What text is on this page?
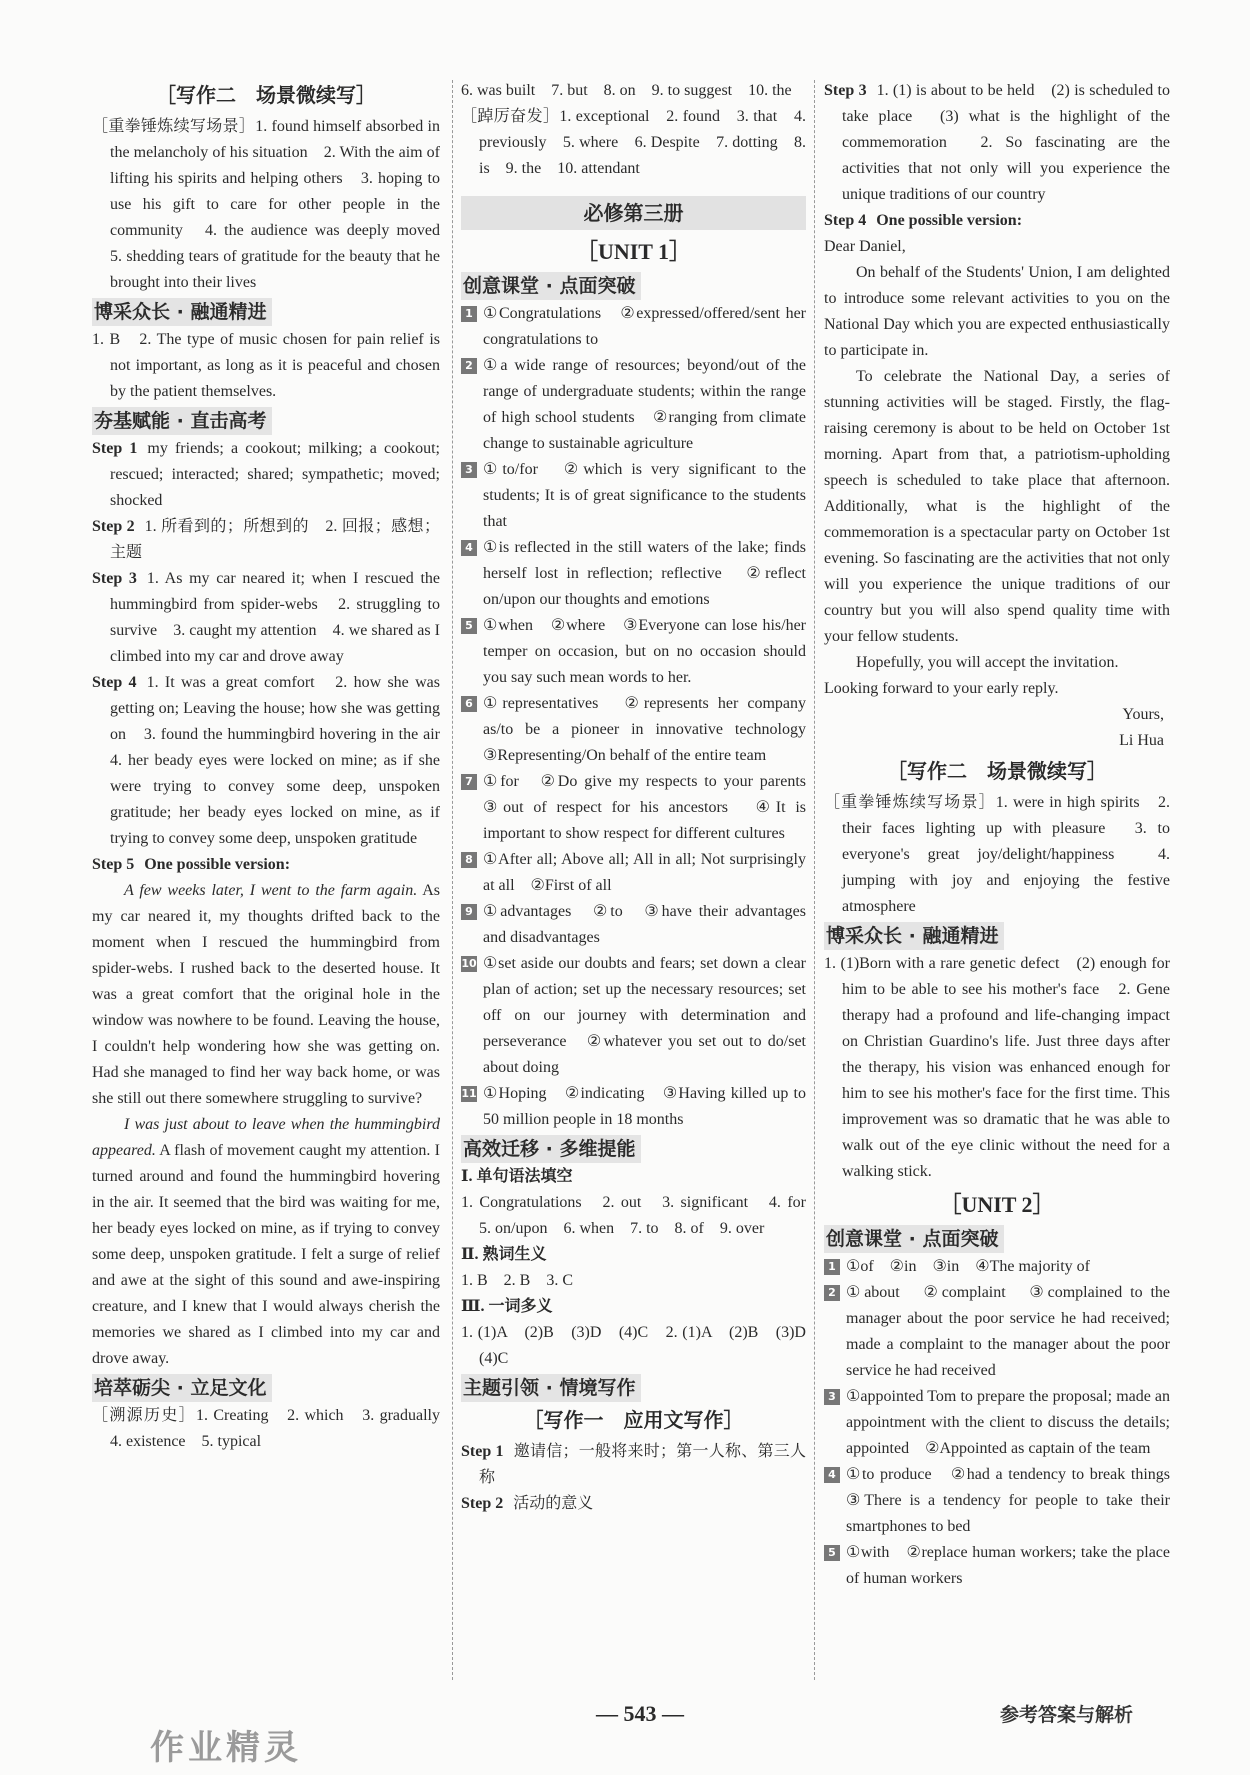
［写作二　场景微续写］
［重拳锤炼续写场景］1. found himself absorbed in the melancholy of his situation　2. With the aim of lifting his spirits and helping others　3. hoping to use his gift to care for other people in the community　4. the audience was deeply moved　5. shedding tears of gratitude for the beauty that he brought into their lives
博采众长 · 融通精进
1. B　2. The type of music chosen for pain relief is not important, as long as it is peaceful and chosen by the patient themselves.
夯基赋能 · 直击高考
Step 1 my friends; a cookout; milking; a cookout; rescued; interacted; shared; sympathetic; moved; shocked
Step 2 1. 所看到的；所想到的　2. 回报；感想；主题
Step 3 1. As my car neared it; when I rescued the hummingbird from spider-webs　2. struggling to survive　3. caught my attention　4. we shared as I climbed into my car and drove away
Step 4 1. It was a great comfort　2. how she was getting on; Leaving the house; how she was getting on　3. found the hummingbird hovering in the air　4. her beady eyes were locked on mine; as if she were trying to convey some deep, unspoken gratitude; her beady eyes locked on mine, as if trying to convey some deep, unspoken gratitude
Step 5 One possible version:
A few weeks later, I went to the farm again. As my car neared it, my thoughts drifted back to the moment when I rescued the hummingbird from spider-webs. I rushed back to the deserted house. It was a great comfort that the original hole in the window was nowhere to be found. Leaving the house, I couldn't help wondering how she was getting on. Had she managed to find her way back home, or was she still out there somewhere struggling to survive?
I was just about to leave when the hummingbird appeared. A flash of movement caught my attention. I turned around and found the hummingbird hovering in the air. It seemed that the bird was waiting for me, her beady eyes locked on mine, as if trying to convey some deep, unspoken gratitude. I felt a surge of relief and awe at the sight of this sound and awe-inspiring creature, and I knew that I would always cherish the memories we shared as I climbed into my car and drove away.
培萃砺尖 · 立足文化
［溯源历史］1. Creating　2. which　3. gradually　4. existence　5. typical
6. was built　7. but　8. on　9. to suggest　10. the
［踔厉奋发］1. exceptional　2. found　3. that　4. previously　5. where　6. Despite　7. dotting　8. is　9. the　10. attendant
必修第三册
［UNIT 1］
创意课堂 · 点面突破
1 ①Congratulations　②expressed/offered/sent her congratulations to
2 ①a wide range of resources; beyond/out of the range of undergraduate students; within the range of high school students　②ranging from climate change to sustainable agriculture
3 ①to/for　②which is very significant to the students; It is of great significance to the students that
4 ①is reflected in the still waters of the lake; finds herself lost in reflection; reflective　②reflect on/upon our thoughts and emotions
5 ①when　②where　③Everyone can lose his/her temper on occasion, but on no occasion should you say such mean words to her.
6 ①representatives　②represents her company as/to be a pioneer in innovative technology　③Representing/On behalf of the entire team
7 ①for　②Do give my respects to your parents　③out of respect for his ancestors　④It is important to show respect for different cultures
8 ①After all; Above all; All in all; Not surprisingly at all　②First of all
9 ①advantages　②to　③have their advantages and disadvantages
10 ①set aside our doubts and fears; set down a clear plan of action; set up the necessary resources; set off on our journey with determination and perseverance　②whatever you set out to do/set about doing
11 ①Hoping　②indicating　③Having killed up to 50 million people in 18 months
高效迁移 · 多维提能
Ⅰ. 单句语法填空
1. Congratulations　2. out　3. significant　4. for　5. on/upon　6. when　7. to　8. of　9. over
Ⅱ. 熟词生义
1. B　2. B　3. C
Ⅲ. 一词多义
1. (1)A　(2)B　(3)D　(4)C　2. (1)A　(2)B　(3)D　(4)C
主题引领 · 情境写作
［写作一　应用文写作］
Step 1 邀请信；一般将来时；第一人称、第三人称
Step 2 活动的意义
Step 3 1. (1) is about to be held　(2) is scheduled to take place　(3) what is the highlight of the commemoration　2. So fascinating are the activities that not only will you experience the unique traditions of our country
Step 4 One possible version:
Dear Daniel,
On behalf of the Students' Union, I am delighted to introduce some relevant activities to you on the National Day which you are expected enthusiastically to participate in.
To celebrate the National Day, a series of stunning activities will be staged. Firstly, the flag-raising ceremony is about to be held on October 1st morning. Apart from that, a patriotism-upholding speech is scheduled to take place that afternoon. Additionally, what is the highlight of the commemoration is a spectacular party on October 1st evening. So fascinating are the activities that not only will you experience the unique traditions of our country but you will also spend quality time with your fellow students.
Hopefully, you will accept the invitation.
Looking forward to your early reply.
Yours,
Li Hua
［写作二　场景微续写］
［重拳锤炼续写场景］1. were in high spirits　2. their faces lighting up with pleasure　3. to everyone's great joy/delight/happiness　4. jumping with joy and enjoying the festive atmosphere
博采众长 · 融通精进
1. (1)Born with a rare genetic defect　(2) enough for him to be able to see his mother's face　2. Gene therapy had a profound and life-changing impact on Christian Guardino's life. Just three days after the therapy, his vision was enhanced enough for him to see his mother's face for the first time. This improvement was so dramatic that he was able to walk out of the eye clinic without the need for a walking stick.
［UNIT 2］
创意课堂 · 点面突破
1 ①of　②in　③in　④The majority of
2 ①about　②complaint　③complained to the manager about the poor service he had received; made a complaint to the manager about the poor service he had received
3 ①appointed Tom to prepare the proposal; made an appointment with the client to discuss the details; appointed　②Appointed as captain of the team
4 ①to produce　②had a tendency to break things　③There is a tendency for people to take their smartphones to bed
5 ①with　②replace human workers; take the place of human workers
— 543 —	参考答案与解析
作业精灵
